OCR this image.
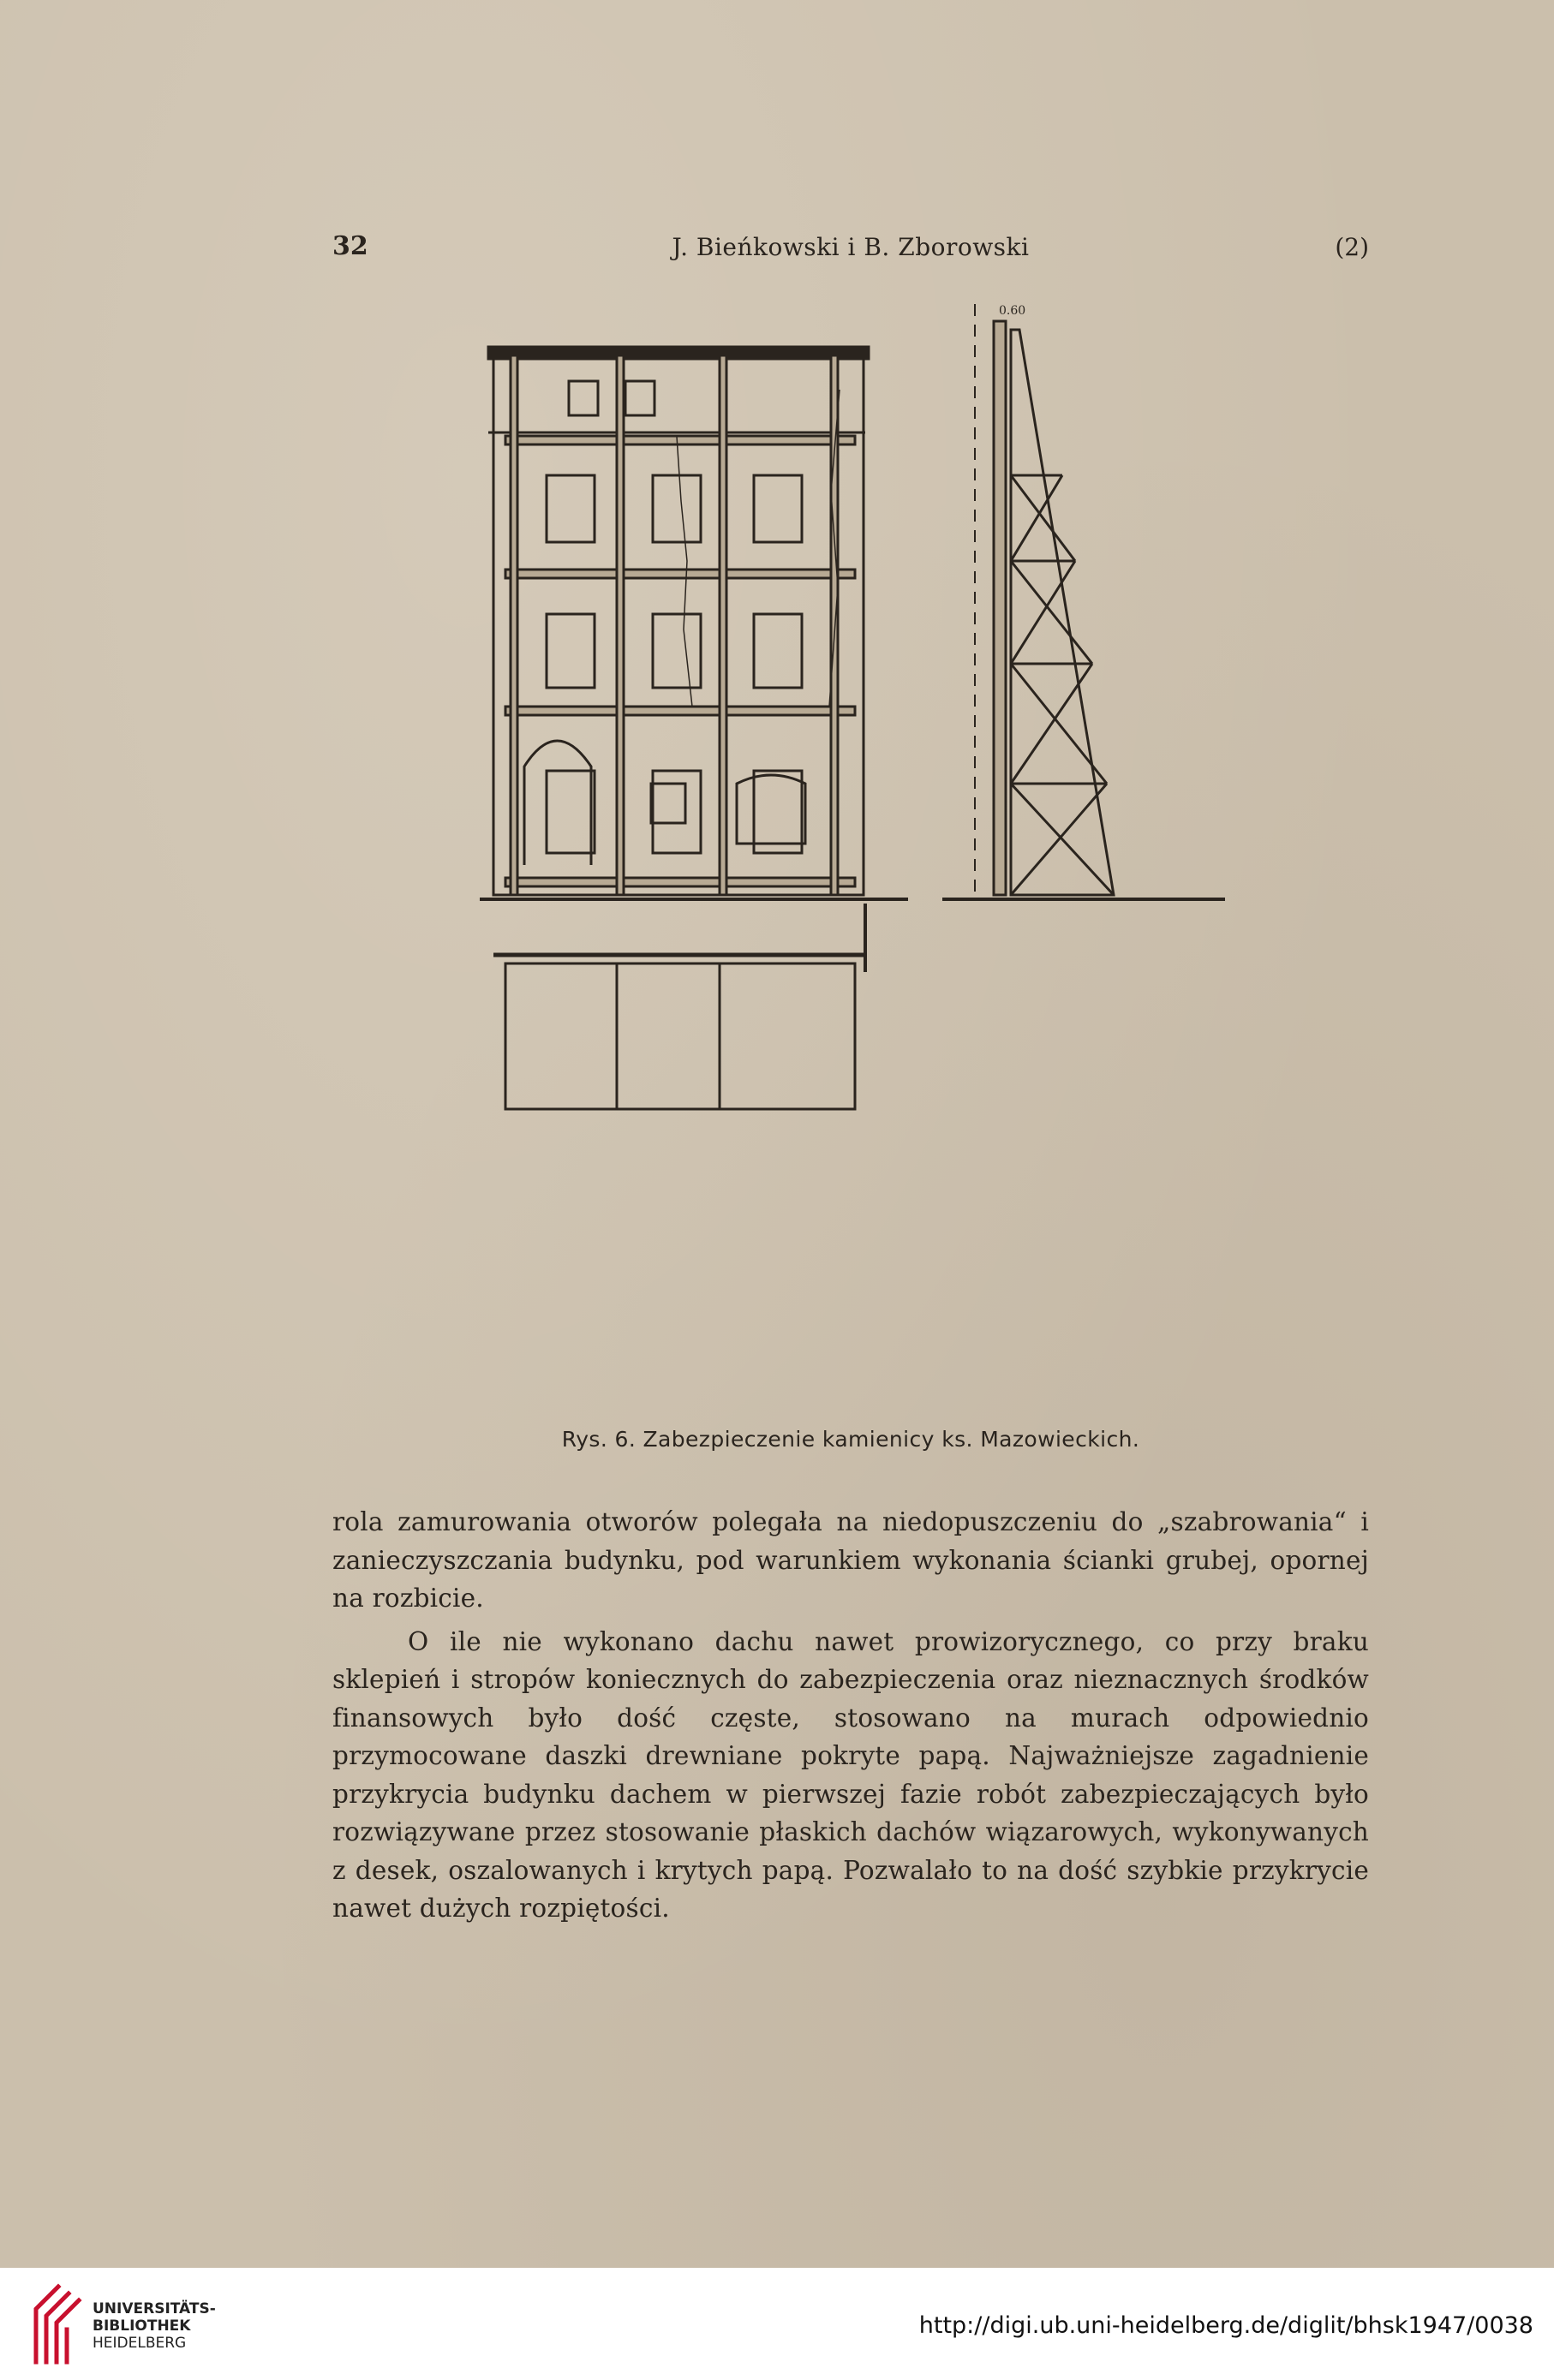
32	J. Bieńkowski i B. Zborowski	(2)
0.60
Rys. 6. Zabezpieczenie kamienicy ks. Mazowieckich.

rola zamurowania otworów polegała na niedopuszczeniu do „szabrowania“ i zanieczyszczania budynku, pod warunkiem wykonania ścianki grubej, opornej na rozbicie.

O ile nie wykonano dachu nawet prowizorycznego, co przy braku sklepień i stropów koniecznych do zabezpieczenia oraz nieznacznych środków finansowych było dość częste, stosowano na murach odpowiednio przymocowane daszki drewniane pokryte papą. Najważniejsze zagadnienie przykrycia budynku dachem w pierwszej fazie robót zabezpieczających było rozwiązywane przez stosowanie płaskich dachów wiązarowych, wykonywanych z desek, oszalowanych i krytych papą. Pozwalało to na dość szybkie przykrycie nawet dużych rozpiętości.

UNIVERSITÄTS-
BIBLIOTHEK
HEIDELBERG
http://digi.ub.uni-heidelberg.de/diglit/bhsk1947/0038
